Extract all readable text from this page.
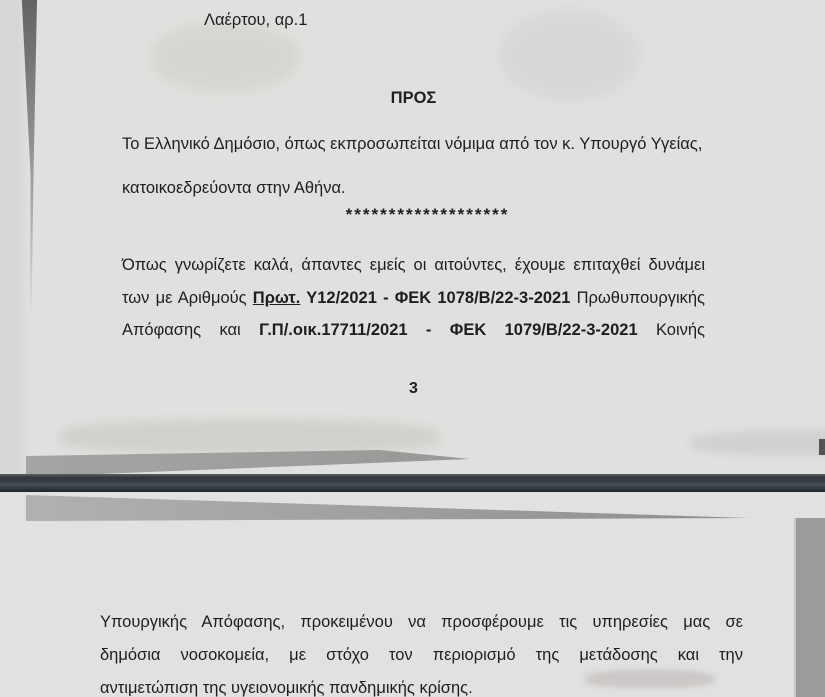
Λαέρτου, αρ.1
ΠΡΟΣ
Το Ελληνικό Δημόσιο, όπως εκπροσωπείται νόμιμα από τον κ. Υπουργό Υγείας,
κατοικοεδρεύοντα στην Αθήνα.
*******************
Όπως γνωρίζετε καλά, άπαντες εμείς οι αιτούντες, έχουμε επιταχθεί δυνάμει
των με Αριθμούς Πρωτ. Υ12/2021 - ΦΕΚ 1078/Β/22-3-2021 Πρωθυπουργικής
Απόφασης και Γ.Π/.οικ.17711/2021 - ΦΕΚ 1079/Β/22-3-2021 Κοινής
3
Υπουργικής Απόφασης, προκειμένου να προσφέρουμε τις υπηρεσίες μας σε
δημόσια νοσοκομεία, με στόχο τον περιορισμό της μετάδοσης και την
αντιμετώπιση της υγειονομικής πανδημικής κρίσης.
